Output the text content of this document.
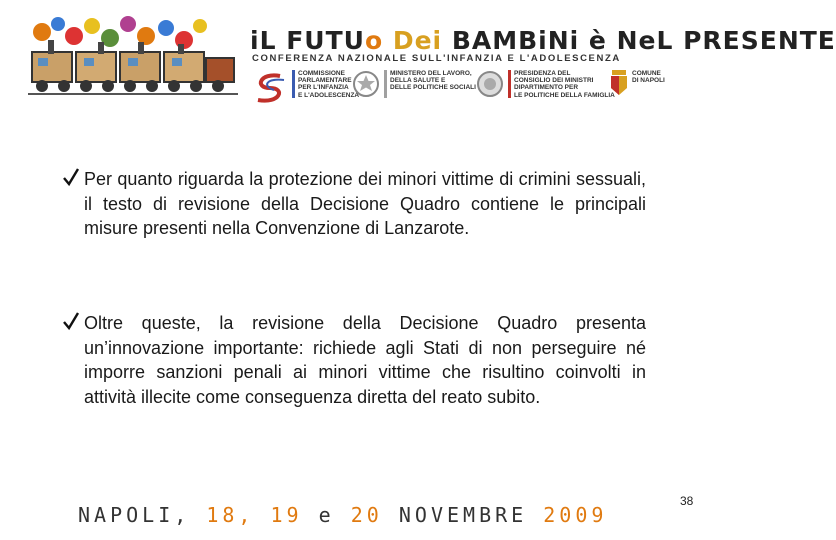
iL FUTUo Dei BAMBiNi è NeL PRESENTE
CONFERENZA NAZIONALE SULL'INFANZIA E L'ADOLESCENZA
COMMISSIONE
PARLAMENTARE
PER L'INFANZIA
E L'ADOLESCENZA
MINISTERO DEL LAVORO,
DELLA SALUTE E
DELLE POLITICHE SOCIALI
PRESIDENZA DEL
CONSIGLIO DEI MINISTRI
DIPARTIMENTO PER
LE POLITICHE DELLA FAMIGLIA
COMUNE
DI NAPOLI
Per quanto riguarda la protezione dei minori vittime di crimini sessuali, il testo di revisione della Decisione Quadro contiene le principali misure presenti nella Convenzione di Lanzarote.
Oltre queste, la revisione della Decisione Quadro presenta un’innovazione importante: richiede agli Stati di non perseguire né imporre sanzioni penali ai minori vittime che risultino coinvolti in attività illecite come conseguenza diretta del reato subito.
NAPOLI, 18, 19 e 20 NOVEMBRE 2009
38
